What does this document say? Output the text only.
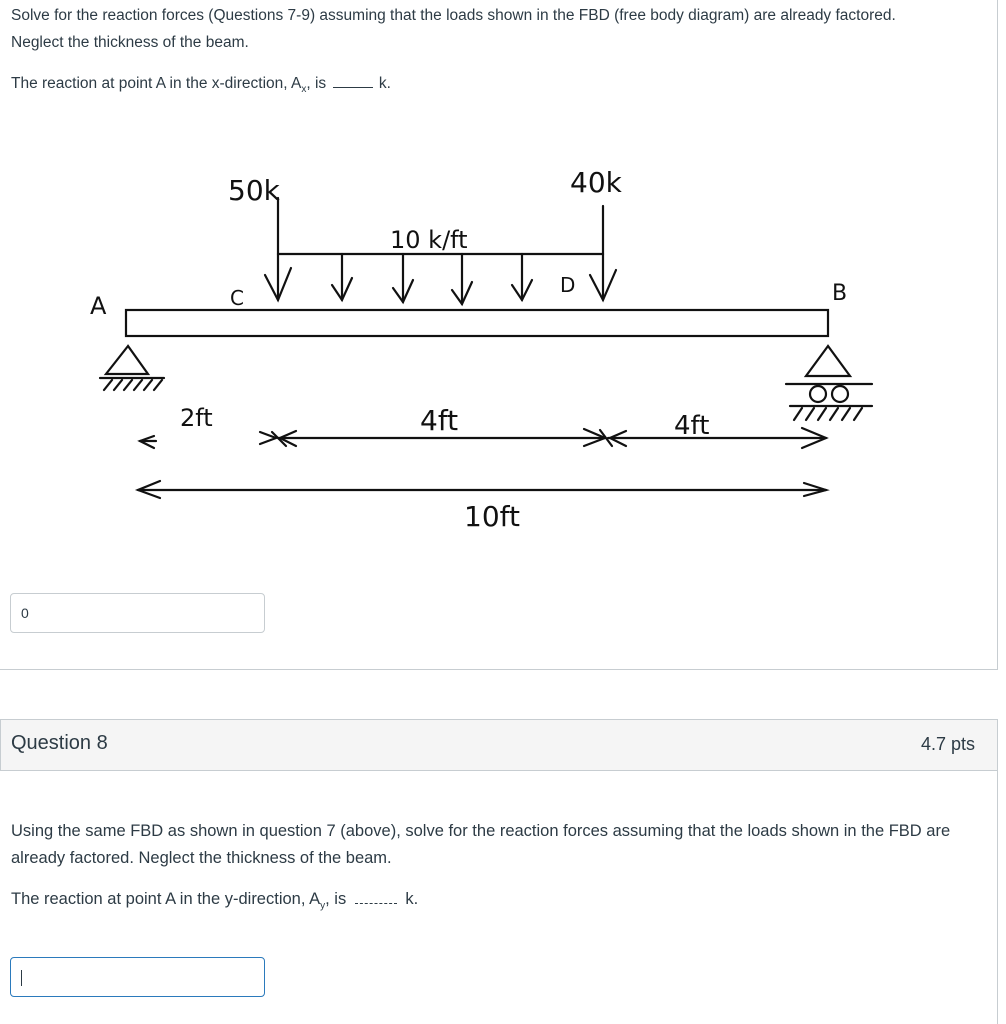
Solve for the reaction forces (Questions 7-9) assuming that the loads shown in the FBD (free body diagram) are already factored.

Neglect the thickness of the beam.

The reaction at point A in the x-direction, $A_x$, is	k.

A	B
C
D
50k	40k
10 k/ft
2ft	4ft	4ft
10ft
0
Question 8	4.7 pts

Using the same FBD as shown in question 7 (above), solve for the reaction forces assuming that the loads shown in the FBD are already factored. Neglect the thickness of the beam.

The reaction at point A in the y-direction, $A_y$, is	k.
